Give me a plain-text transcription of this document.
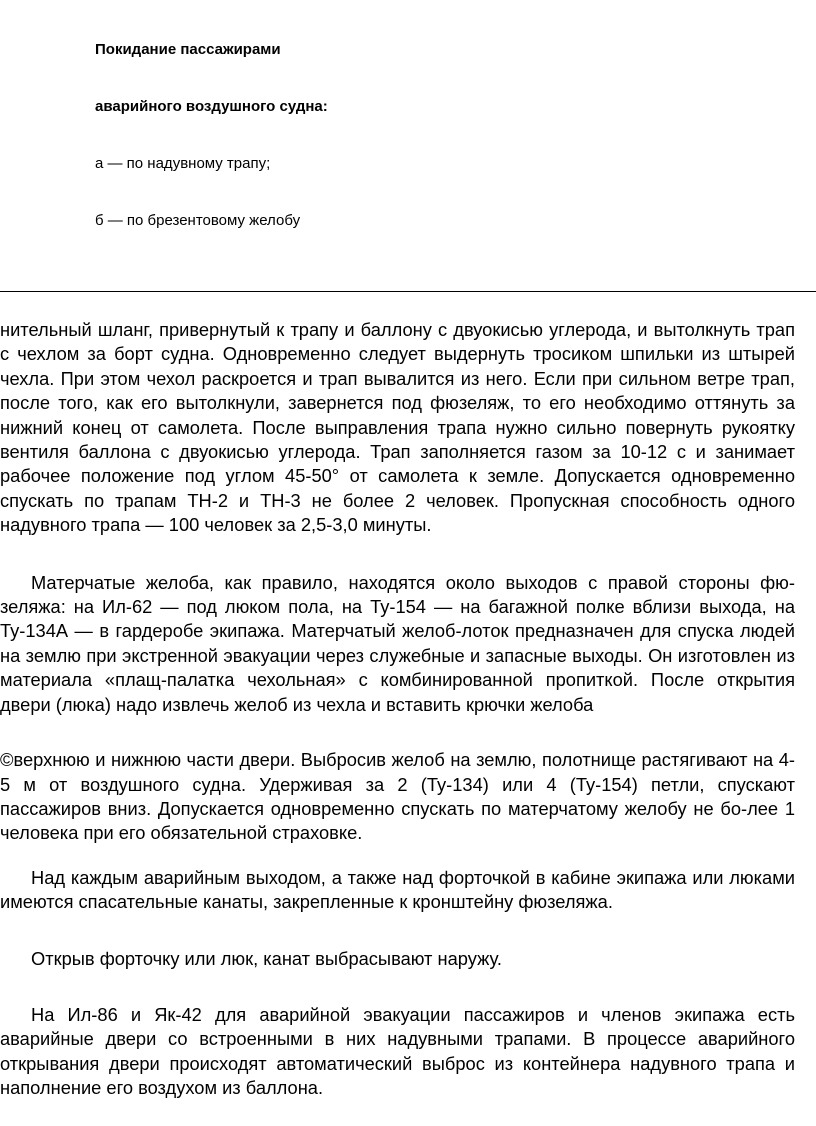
Покидание пассажирами
аварийного воздушного судна:
а — по надувному трапу;
б — по брезентовому желобу

нительный шланг, привернутый к трапу и баллону с двуокисью углерода, и вытолкнуть трап с чехлом за борт судна. Одновременно следует выдернуть тросиком шпильки из штырей чехла. При этом чехол раскроется и трап вывалится из него. Если при сильном ветре трап, после того, как его вытолкнули, завернется под фюзеляж, то его необходимо оттянуть за нижний конец от самолета. После выправления трапа нужно сильно повернуть рукоятку вентиля баллона с двуокисью углерода. Трап заполняется газом за 10-12 с и занимает рабочее положение под углом 45-50° от самолета к земле. Допускается одновременно спускать по трапам ТН-2 и ТН-3 не более 2 человек. Пропускная способность одного надувного трапа — 100 человек за 2,5-3,0 минуты.

Матерчатые желоба, как правило, находятся около выходов с правой стороны фюзеляжа: на Ил-62 — под люком пола, на Ту-154 — на багажной полке вблизи выхода, на Ту-134А — в гардеробе экипажа. Матерчатый желоб-лоток предназначен для спуска людей на землю при экстренной эвакуации через служебные и запасные выходы. Он изготовлен из материала «плащ-палатка чехольная» с комбинированной пропиткой. После открытия двери (люка) надо извлечь желоб из чехла и вставить крючки желоба

©верхнюю и нижнюю части двери. Выбросив желоб на землю, полотнище растягивают на 4-5 м от воздушного судна. Удерживая за 2 (Ту-134) или 4 (Ту-154) петли, спускают пассажиров вниз. Допускается одновременно спускать по матерчатому желобу не бо-лее 1 человека при его обязательной страховке.

Над каждым аварийным выходом, а также над форточкой в кабине экипажа или люками имеются спасательные канаты, закрепленные к кронштейну фюзеляжа.

Открыв форточку или люк, канат выбрасывают наружу.

На Ил-86 и Як-42 для аварийной эвакуации пассажиров и членов экипажа есть аварийные двери со встроенными в них надувными трапами. В процессе аварийного открывания двери происходят автоматический выброс из контейнера надувного трапа и наполнение его воздухом из баллона.
